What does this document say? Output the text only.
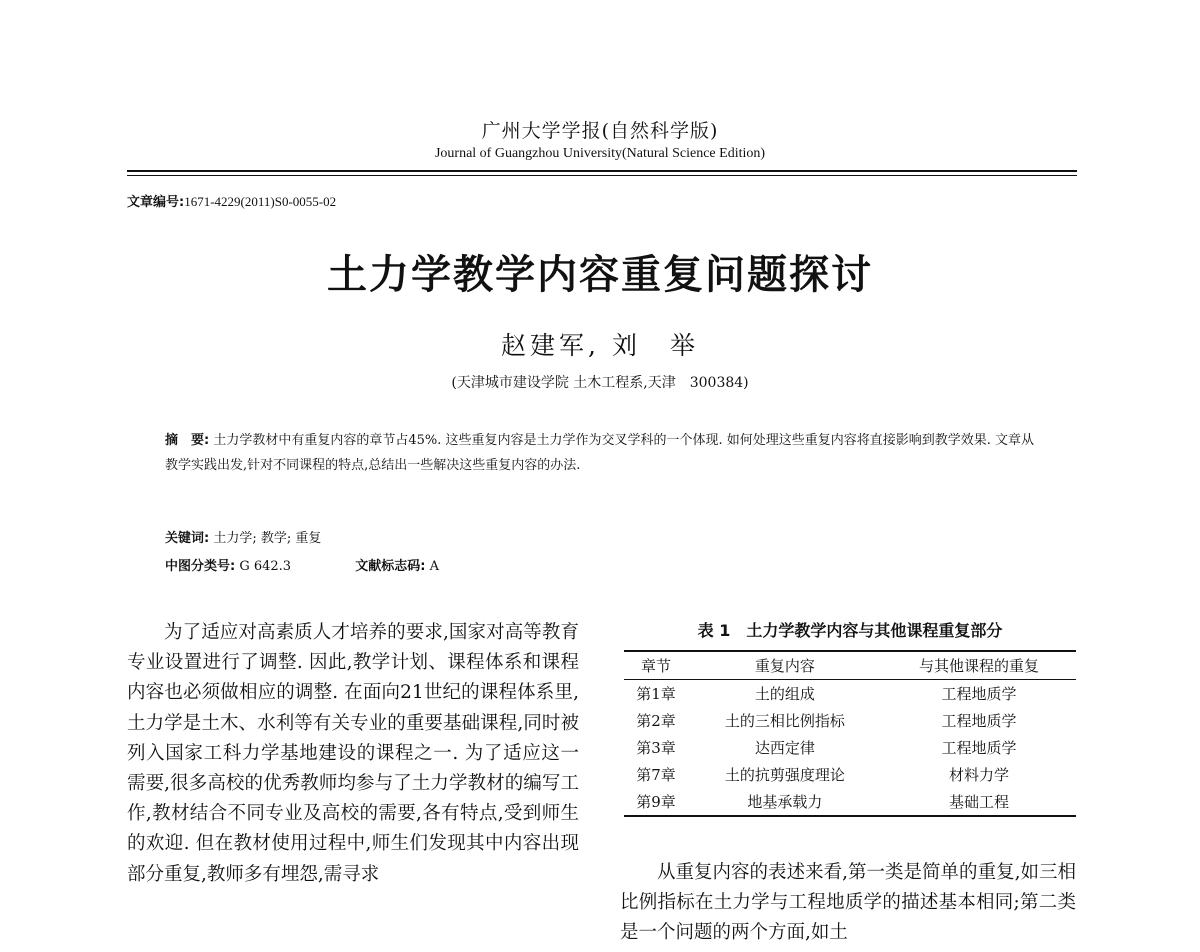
广州大学学报(自然科学版)
Journal of Guangzhou University(Natural Science Edition)
文章编号:1671-4229(2011)S0-0055-02
土力学教学内容重复问题探讨
赵建军, 刘　举
(天津城市建设学院 土木工程系,天津　300384)
摘　要: 土力学教材中有重复内容的章节占45%. 这些重复内容是土力学作为交叉学科的一个体现. 如何处理这些重复内容将直接影响到教学效果. 文章从教学实践出发,针对不同课程的特点,总结出一些解决这些重复内容的办法.
关键词: 土力学; 教学; 重复
中图分类号: G 642.3	文献标志码: A
为了适应对高素质人才培养的要求,国家对高等教育专业设置进行了调整. 因此,教学计划、课程体系和课程内容也必须做相应的调整. 在面向21世纪的课程体系里,土力学是土木、水利等有关专业的重要基础课程,同时被列入国家工科力学基地建设的课程之一. 为了适应这一需要,很多高校的优秀教师均参与了土力学教材的编写工作,教材结合不同专业及高校的需要,各有特点,受到师生的欢迎. 但在教材使用过程中,师生们发现其中内容出现部分重复,教师多有埋怨,需寻求
表 1　土力学教学内容与其他课程重复部分
章节	重复内容	与其他课程的重复
第1章	土的组成	工程地质学
第2章	土的三相比例指标	工程地质学
第3章	达西定律	工程地质学
第7章	土的抗剪强度理论	材料力学
第9章	地基承载力	基础工程
从重复内容的表述来看,第一类是简单的重复,如三相比例指标在土力学与工程地质学的描述基本相同;第二类是一个问题的两个方面,如土
